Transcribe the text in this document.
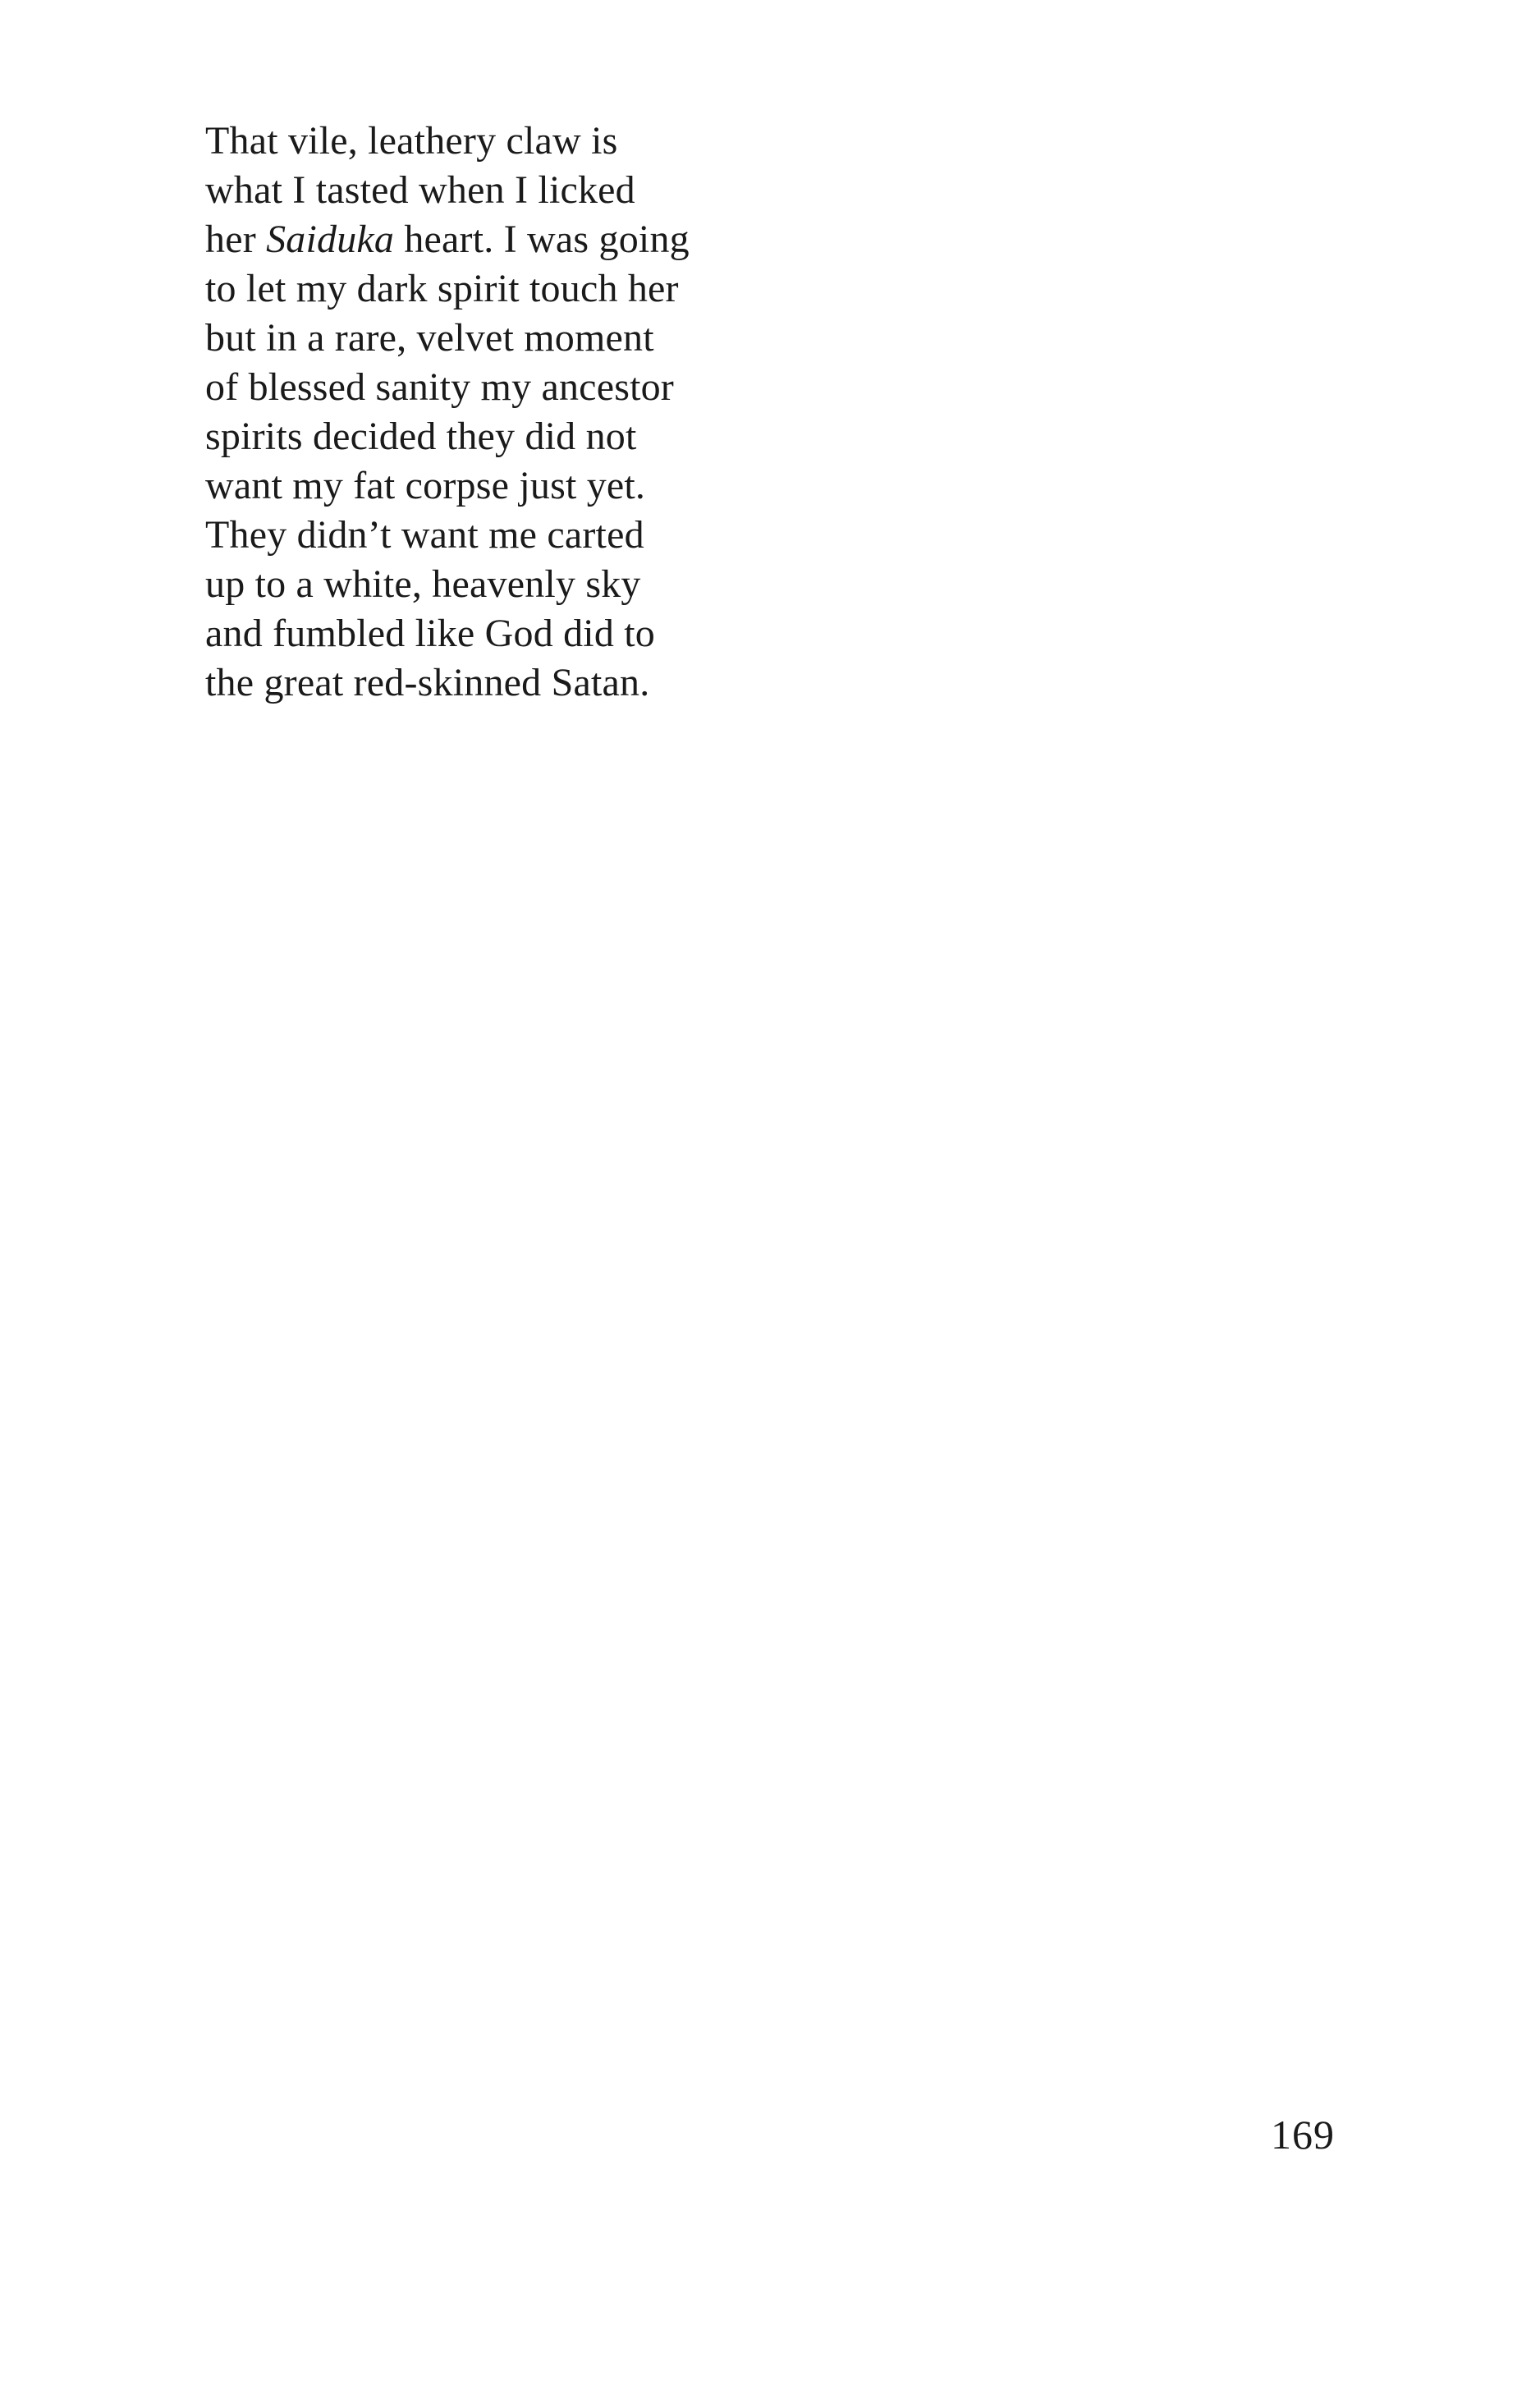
That vile, leathery claw is
what I tasted when I licked
her Saiduka heart. I was going
to let my dark spirit touch her
but in a rare, velvet moment
of blessed sanity my ancestor
spirits decided they did not
want my fat corpse just yet.
They didn’t want me carted
up to a white, heavenly sky
and fumbled like God did to
the great red-skinned Satan.
169
